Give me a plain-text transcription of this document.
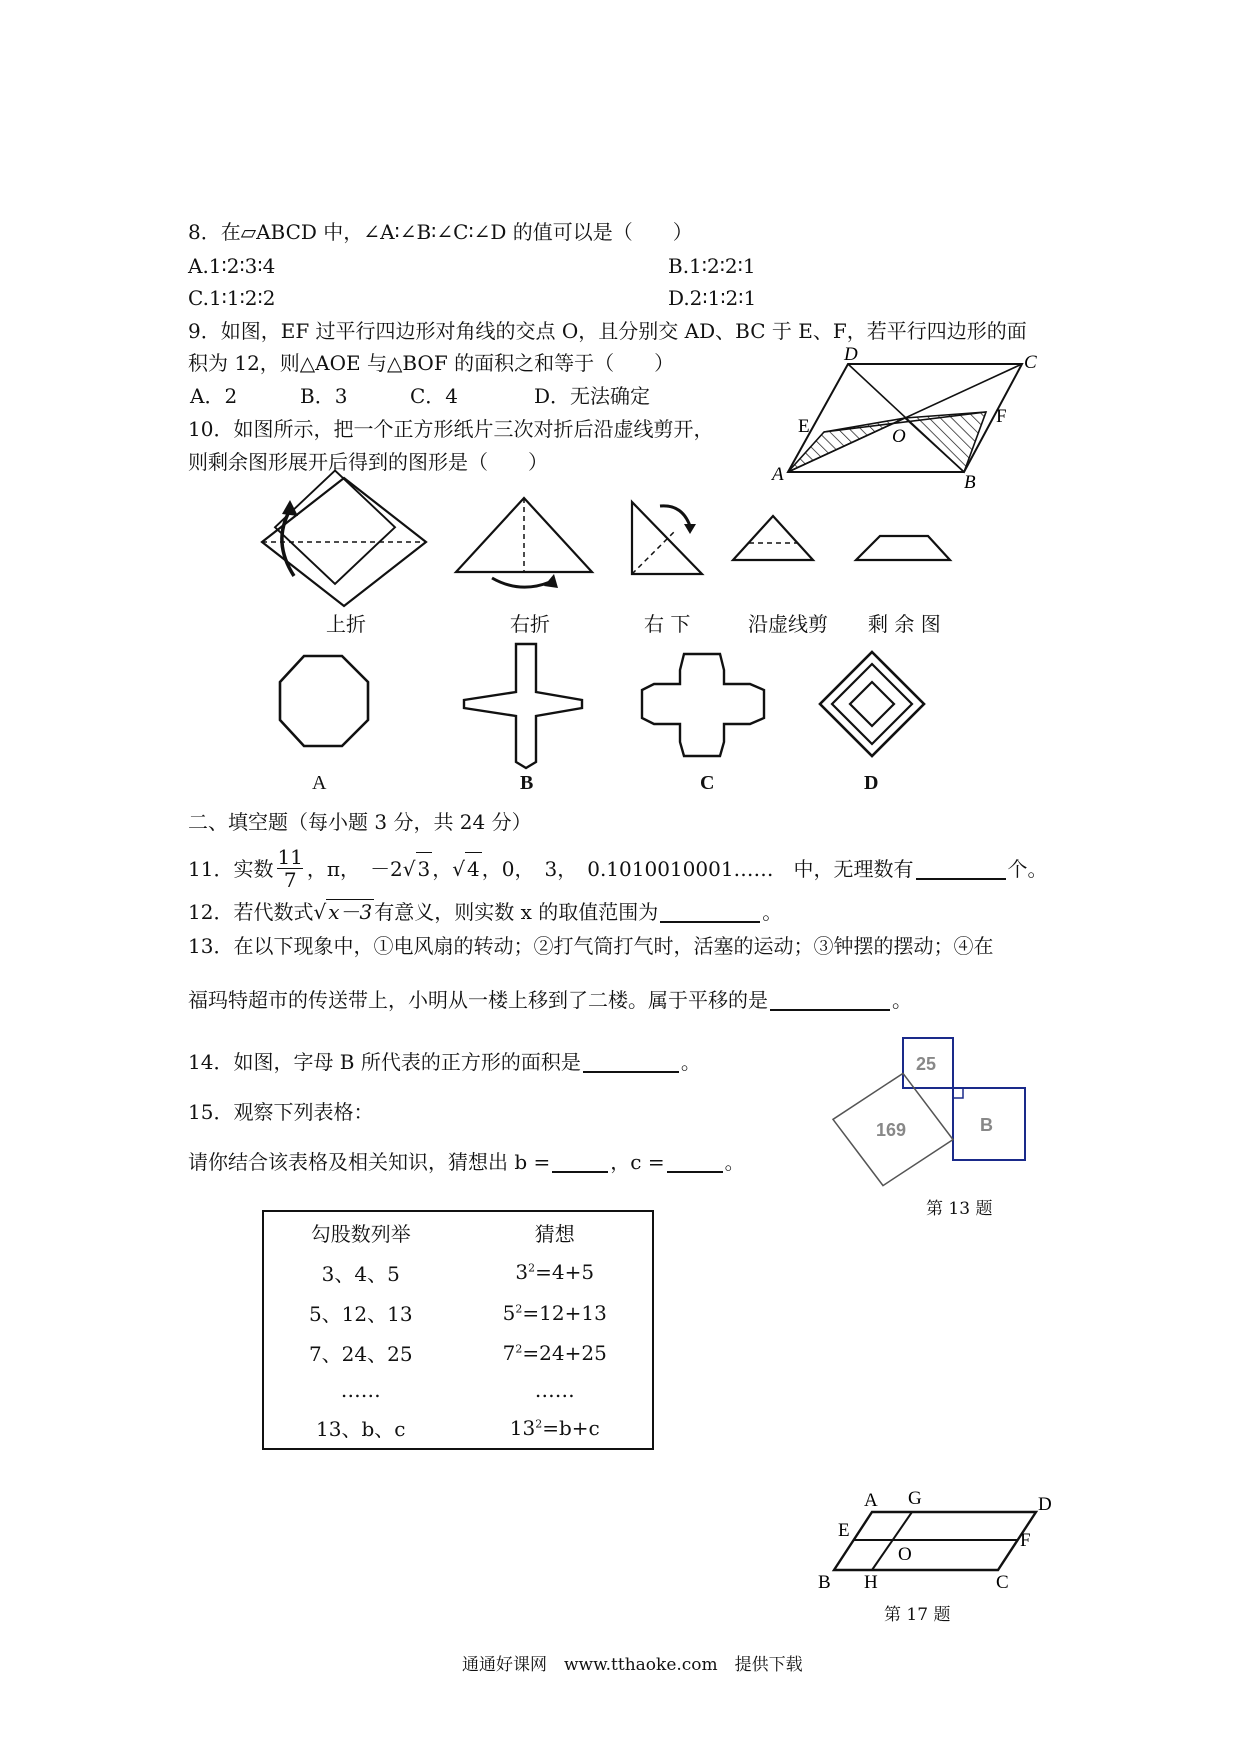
8．在▱ABCD 中，∠A∶∠B∶∠C∶∠D 的值可以是（　　）
A.1∶2∶3∶4	B.1∶2∶2∶1
C.1∶1∶2∶2	D.2∶1∶2∶1
9．如图，EF 过平行四边形对角线的交点 O，且分别交 AD、BC 于 E、F，若平行四边形的面
积为 12，则△AOE 与△BOF 的面积之和等于（　　）
A．2	B．3	C．4	D．无法确定
D	C
E	O
F
A	B
10．如图所示，把一个正方形纸片三次对折后沿虚线剪开，
则剩余图形展开后得到的图形是（　　）
上折	右折	右 下	沿虚线剪 剩 余 图
A	B	C	D
二、填空题（每小题 3 分，共 24 分）
11．实数 $\frac{11}{7}$ ，π， －2 √ 3 ， √ 4 ，0，　3，　0.1010010001……　中，无理数有	个。
12．若代数式√ x－3 有意义，则实数 x 的取值范围为	。
13．在以下现象中，①电风扇的转动；②打气筒打气时，活塞的运动；③钟摆的摆动；④在
福玛特超市的传送带上，小明从一楼上移到了二楼。属于平移的是	。
14．如图，字母 B 所代表的正方形的面积是	。	25
B
169
第 13 题
15．观察下列表格：
请你结合该表格及相关知识，猜想出 b =	，c =	。
勾股数列举	猜想
3、4、5	$3^2=4+5$
5、12、13	$5^2=12+13$
7、24、25	$7^2=24+25$
……	……
13、b、c	$13^2=b+c$
A G	D
E	F
O
B H	C
第 17 题
通通好课网　www.tthaoke.com　提供下载
